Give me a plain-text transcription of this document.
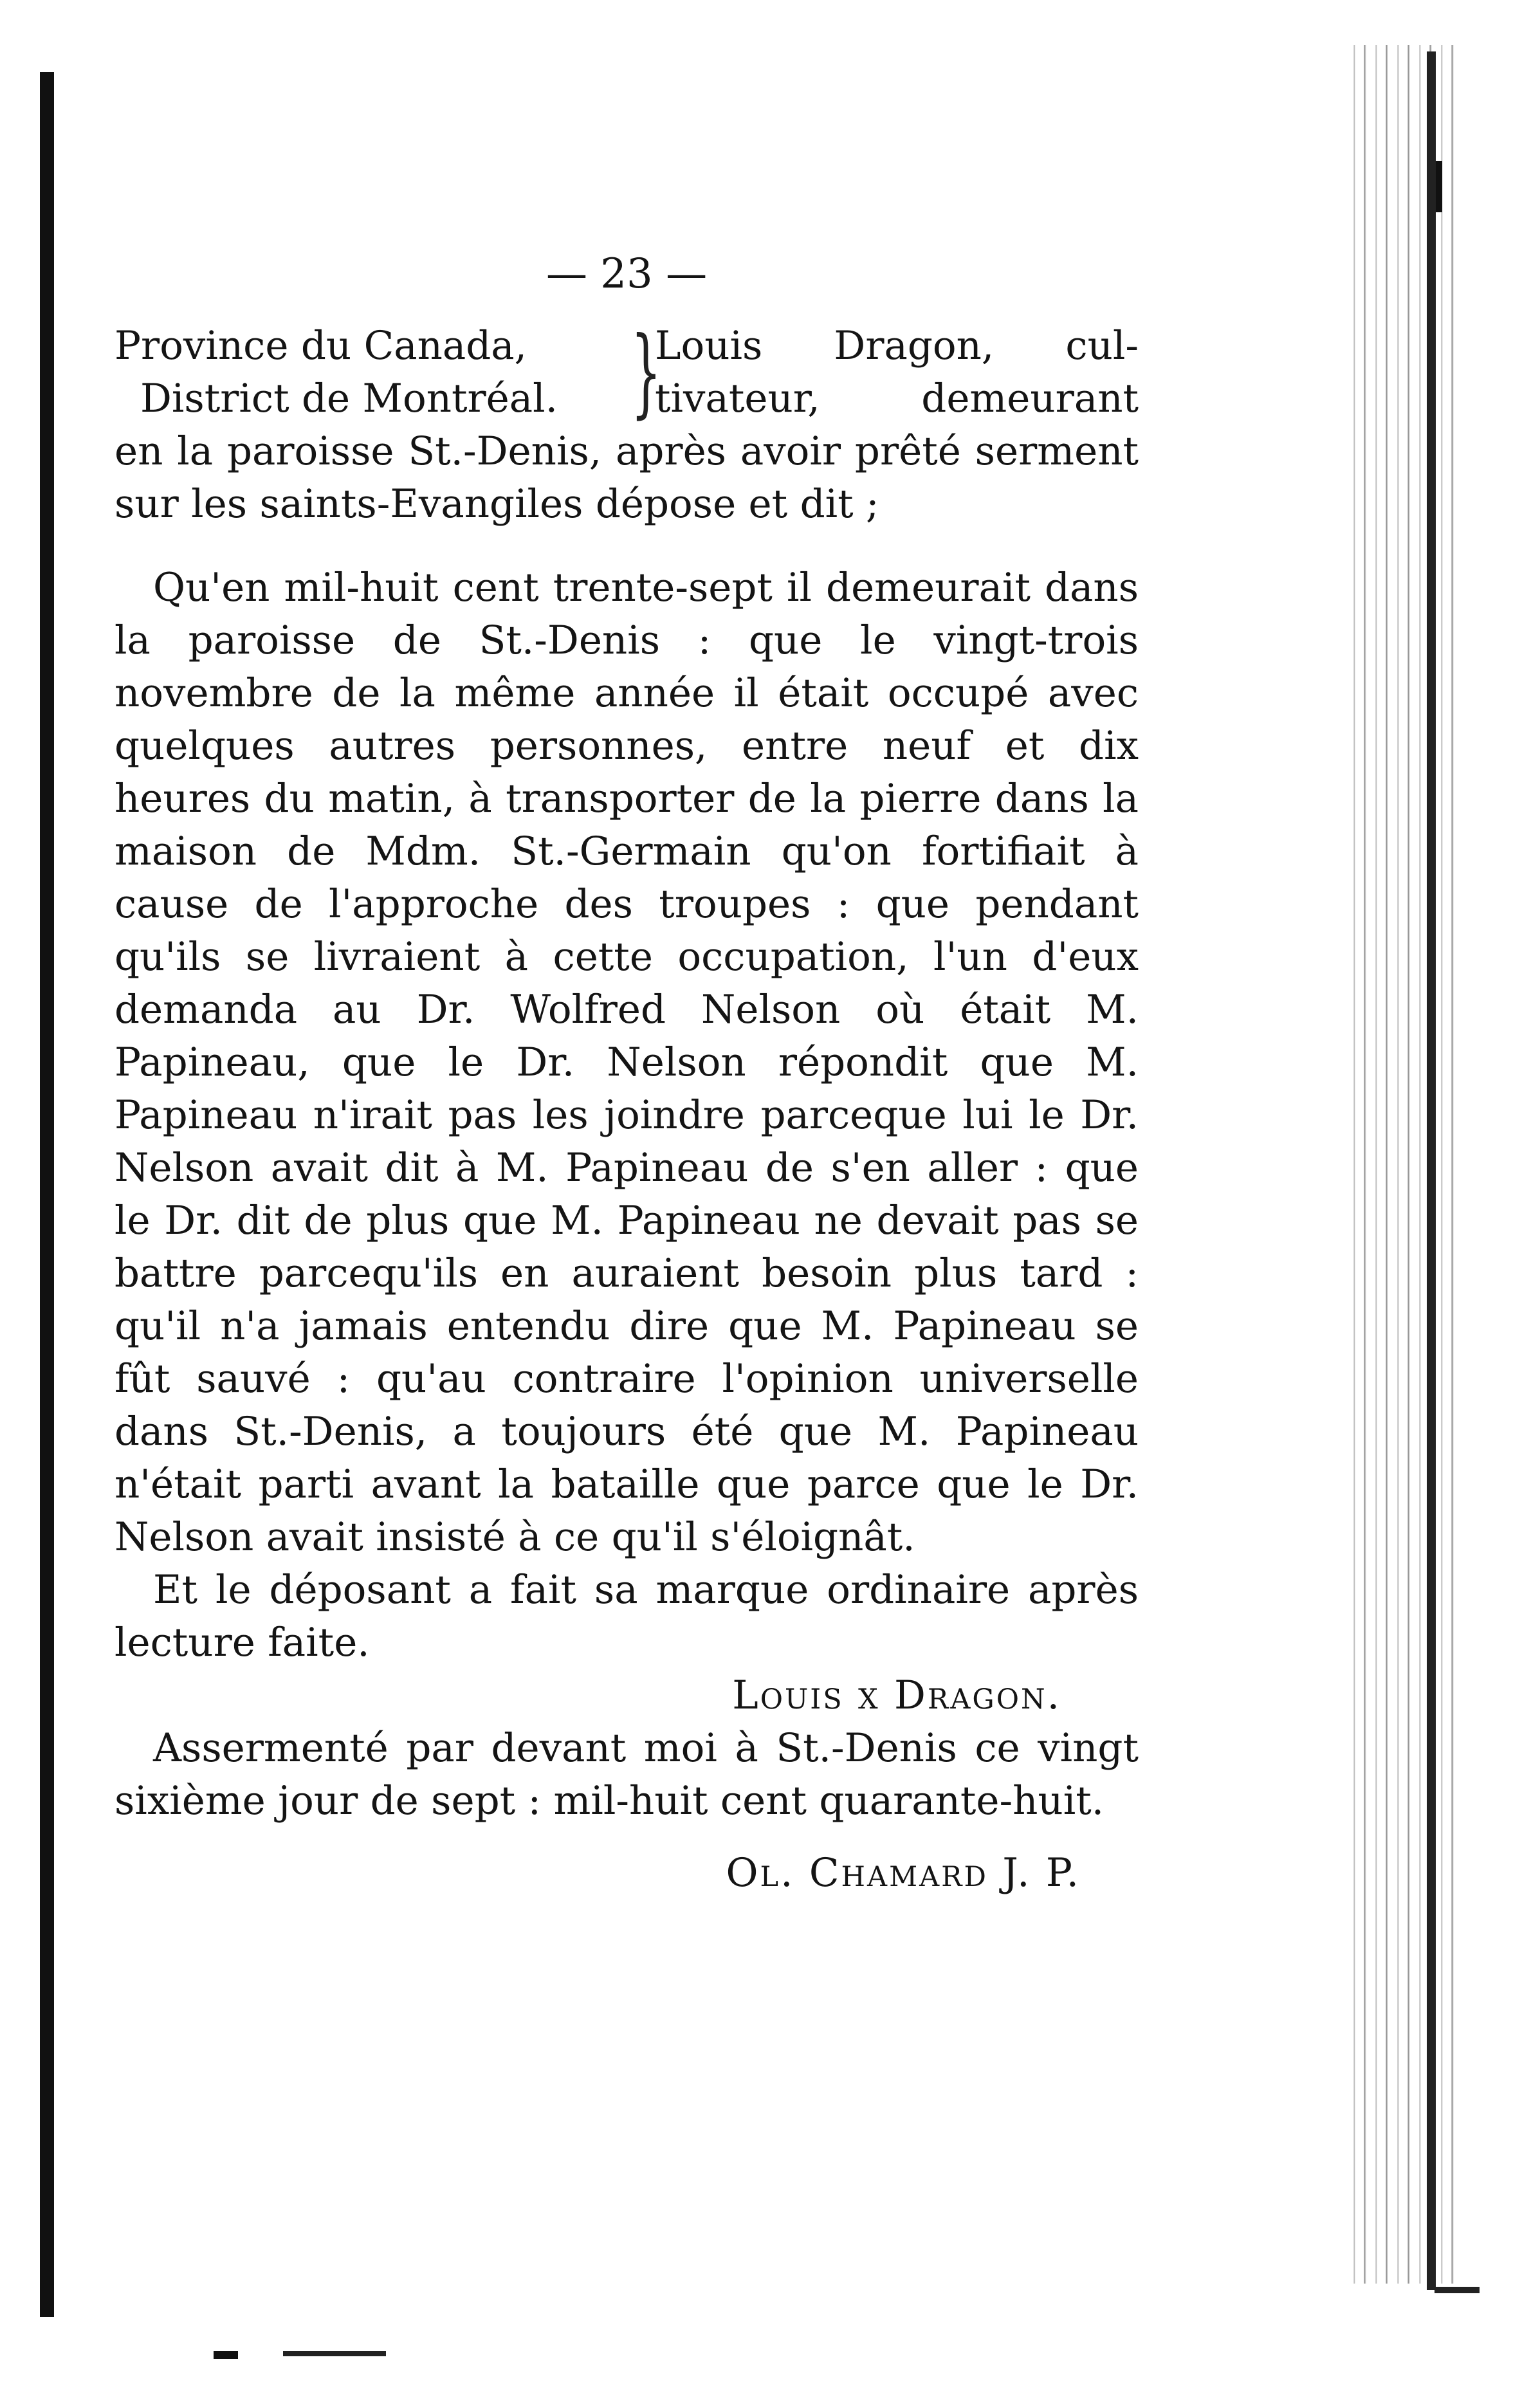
— 23 —
Province du Canada,
District de Montréal. }
Louis Dragon, cul-
tivateur, demeurant

en la paroisse St.-Denis, après avoir prêté serment sur les saints-Evangiles dépose et dit ;

Qu'en mil-huit cent trente-sept il demeurait dans la paroisse de St.-Denis : que le vingt-trois novembre de la même année il était occupé avec quelques autres personnes, entre neuf et dix heures du matin, à transporter de la pierre dans la maison de Mdm. St.-Germain qu'on fortifiait à cause de l'approche des troupes : que pendant qu'ils se livraient à cette occupation, l'un d'eux demanda au Dr. Wolfred Nelson où était M. Papineau, que le Dr. Nelson répondit que M. Papineau n'irait pas les joindre parceque lui le Dr. Nelson avait dit à M. Papineau de s'en aller : que le Dr. dit de plus que M. Papineau ne devait pas se battre parcequ'ils en auraient besoin plus tard : qu'il n'a jamais entendu dire que M. Papineau se fût sauvé : qu'au contraire l'opinion universelle dans St.-Denis, a toujours été que M. Papineau n'était parti avant la bataille que parce que le Dr. Nelson avait insisté à ce qu'il s'éloignât.

Et le déposant a fait sa marque ordinaire après lecture faite.

Louis x Dragon.

Assermenté par devant moi à St.-Denis ce vingt sixième jour de sept : mil-huit cent quarante-huit.

Ol. Chamard J. P.
